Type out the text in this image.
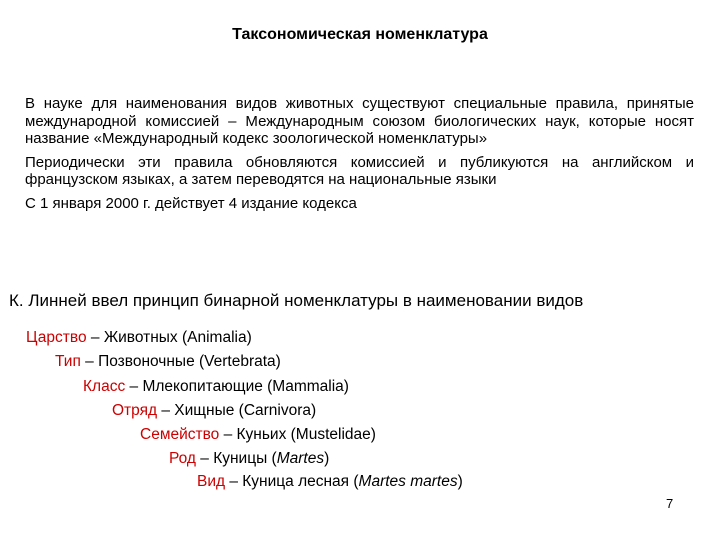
Таксономическая номенклатура

В науке для наименования видов животных существуют специальные правила, принятые международной комиссией – Международным союзом биологических наук, которые носят название «Международный кодекс зоологической номенклатуры»

Периодически эти правила обновляются комиссией и публикуются на английском и французском языках, а затем переводятся на национальные языки

С 1 января 2000 г. действует 4 издание кодекса

К. Линней ввел принцип бинарной номенклатуры в наименовании видов
Царство – Животных (Animalia)
Тип – Позвоночные (Vertebrata)
Класс – Млекопитающие (Mammalia)
Отряд – Хищные (Carnivora)
Семейство – Куньих (Mustelidae)
Род – Куницы (Martes)
Вид – Куница лесная (Martes martes)
7
